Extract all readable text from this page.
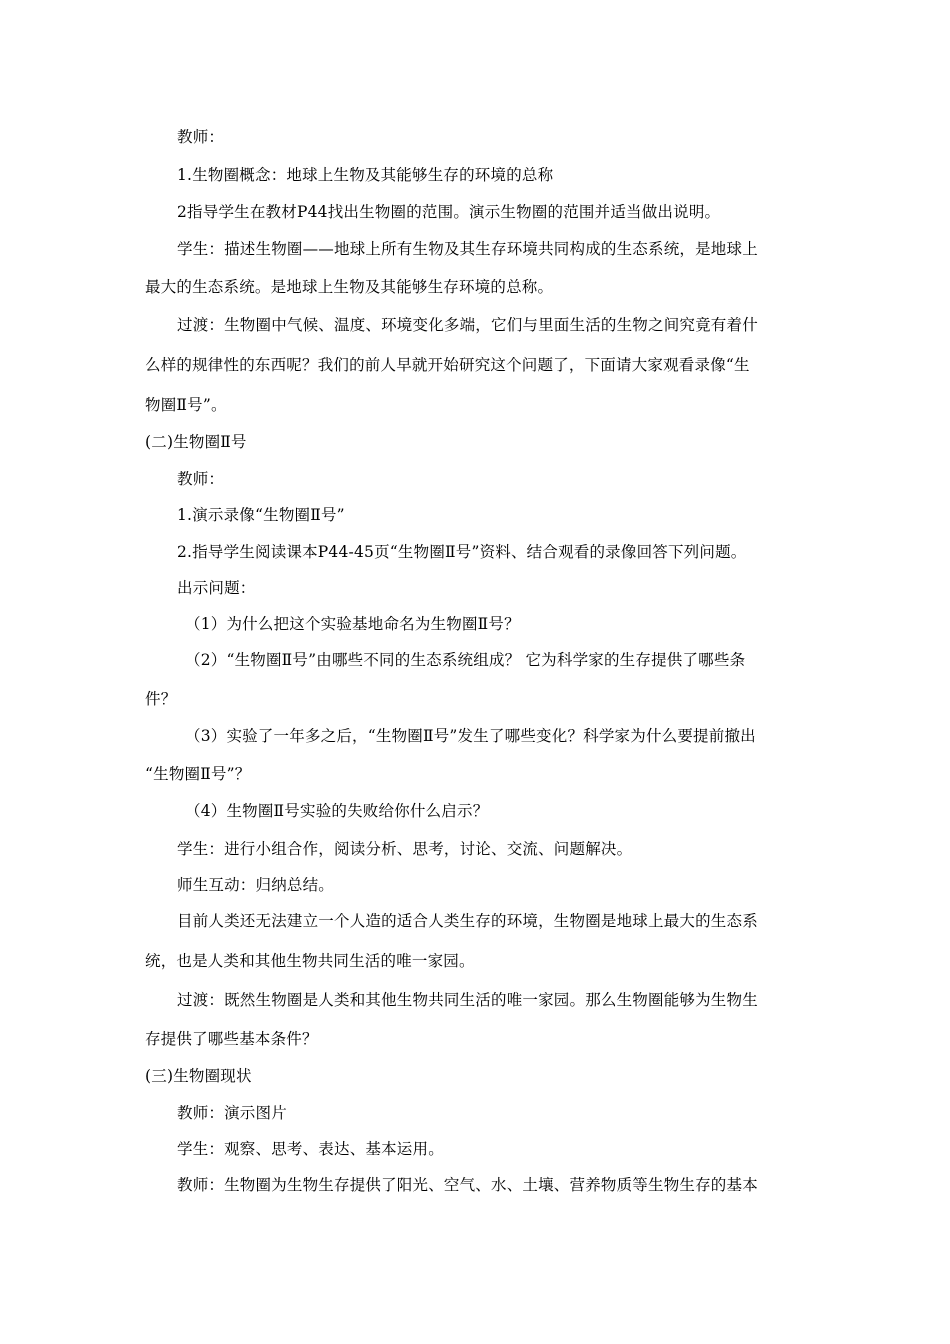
教师：
1.生物圈概念：地球上生物及其能够生存的环境的总称
2指导学生在教材P44找出生物圈的范围。演示生物圈的范围并适当做出说明。
学生：描述生物圈——地球上所有生物及其生存环境共同构成的生态系统，是地球上
最大的生态系统。是地球上生物及其能够生存环境的总称。
过渡：生物圈中气候、温度、环境变化多端，它们与里面生活的生物之间究竟有着什
么样的规律性的东西呢？我们的前人早就开始研究这个问题了，下面请大家观看录像“生
物圈Ⅱ号”。
(二)生物圈Ⅱ号
教师：
1.演示录像“生物圈Ⅱ号”
2.指导学生阅读课本P44-45页“生物圈Ⅱ号”资料、结合观看的录像回答下列问题。
出示问题：
（1）为什么把这个实验基地命名为生物圈Ⅱ号？
（2）“生物圈Ⅱ号”由哪些不同的生态系统组成？ 它为科学家的生存提供了哪些条
件？
（3）实验了一年多之后，“生物圈Ⅱ号”发生了哪些变化？科学家为什么要提前撤出
“生物圈Ⅱ号”？
（4）生物圈Ⅱ号实验的失败给你什么启示？
学生：进行小组合作，阅读分析、思考，讨论、交流、问题解决。
师生互动：归纳总结。
目前人类还无法建立一个人造的适合人类生存的环境，生物圈是地球上最大的生态系
统，也是人类和其他生物共同生活的唯一家园。
过渡：既然生物圈是人类和其他生物共同生活的唯一家园。那么生物圈能够为生物生
存提供了哪些基本条件？
(三)生物圈现状
教师：演示图片
学生：观察、思考、表达、基本运用。
教师：生物圈为生物生存提供了阳光、空气、水、土壤、营养物质等生物生存的基本
